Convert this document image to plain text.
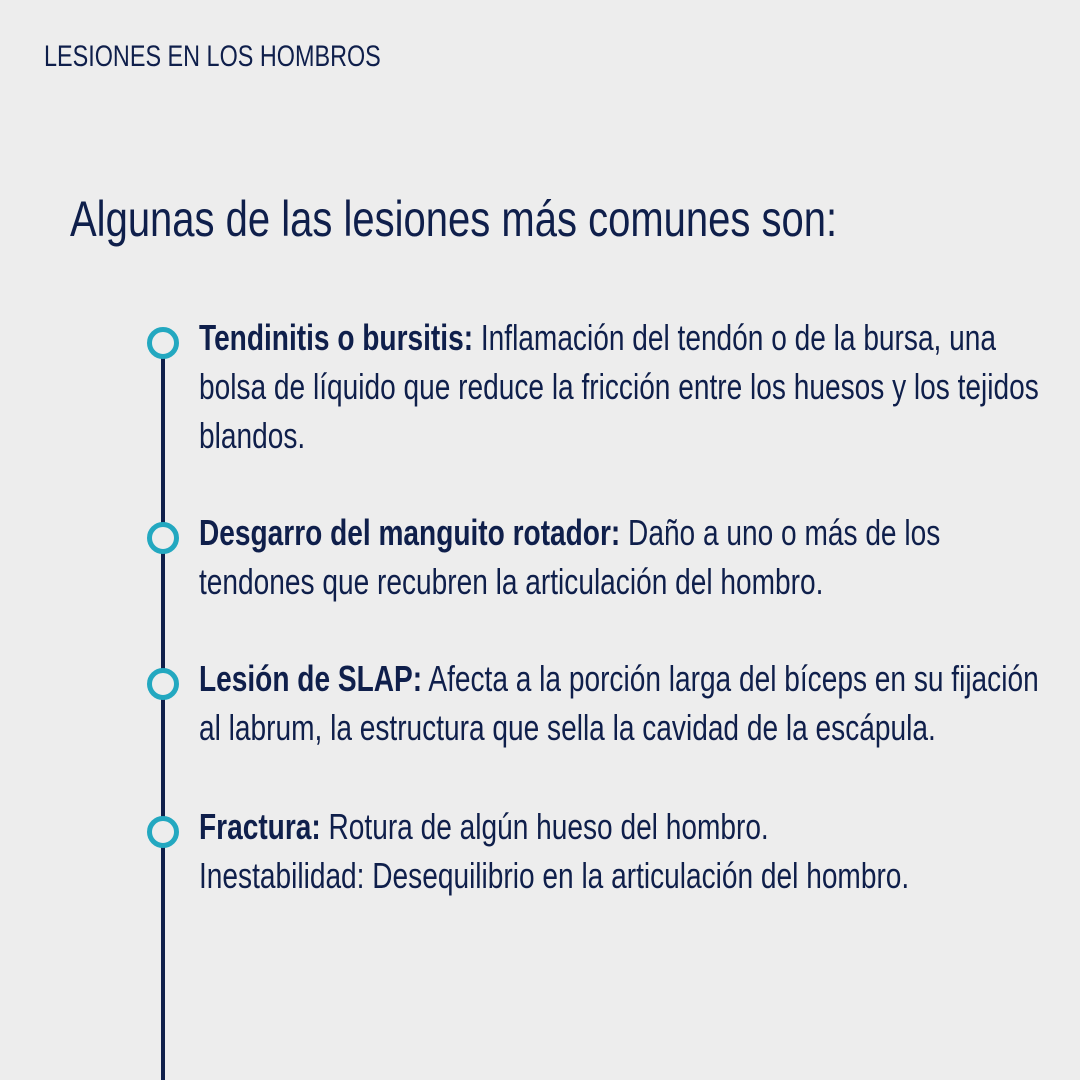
LESIONES EN LOS HOMBROS
Algunas de las lesiones más comunes son:
Tendinitis o bursitis: Inflamación del tendón o de la bursa, una
bolsa de líquido que reduce la fricción entre los huesos y los tejidos
blandos.
Desgarro del manguito rotador: Daño a uno o más de los
tendones que recubren la articulación del hombro.
Lesión de SLAP: Afecta a la porción larga del bíceps en su fijación
al labrum, la estructura que sella la cavidad de la escápula.
Fractura: Rotura de algún hueso del hombro.
Inestabilidad: Desequilibrio en la articulación del hombro.
